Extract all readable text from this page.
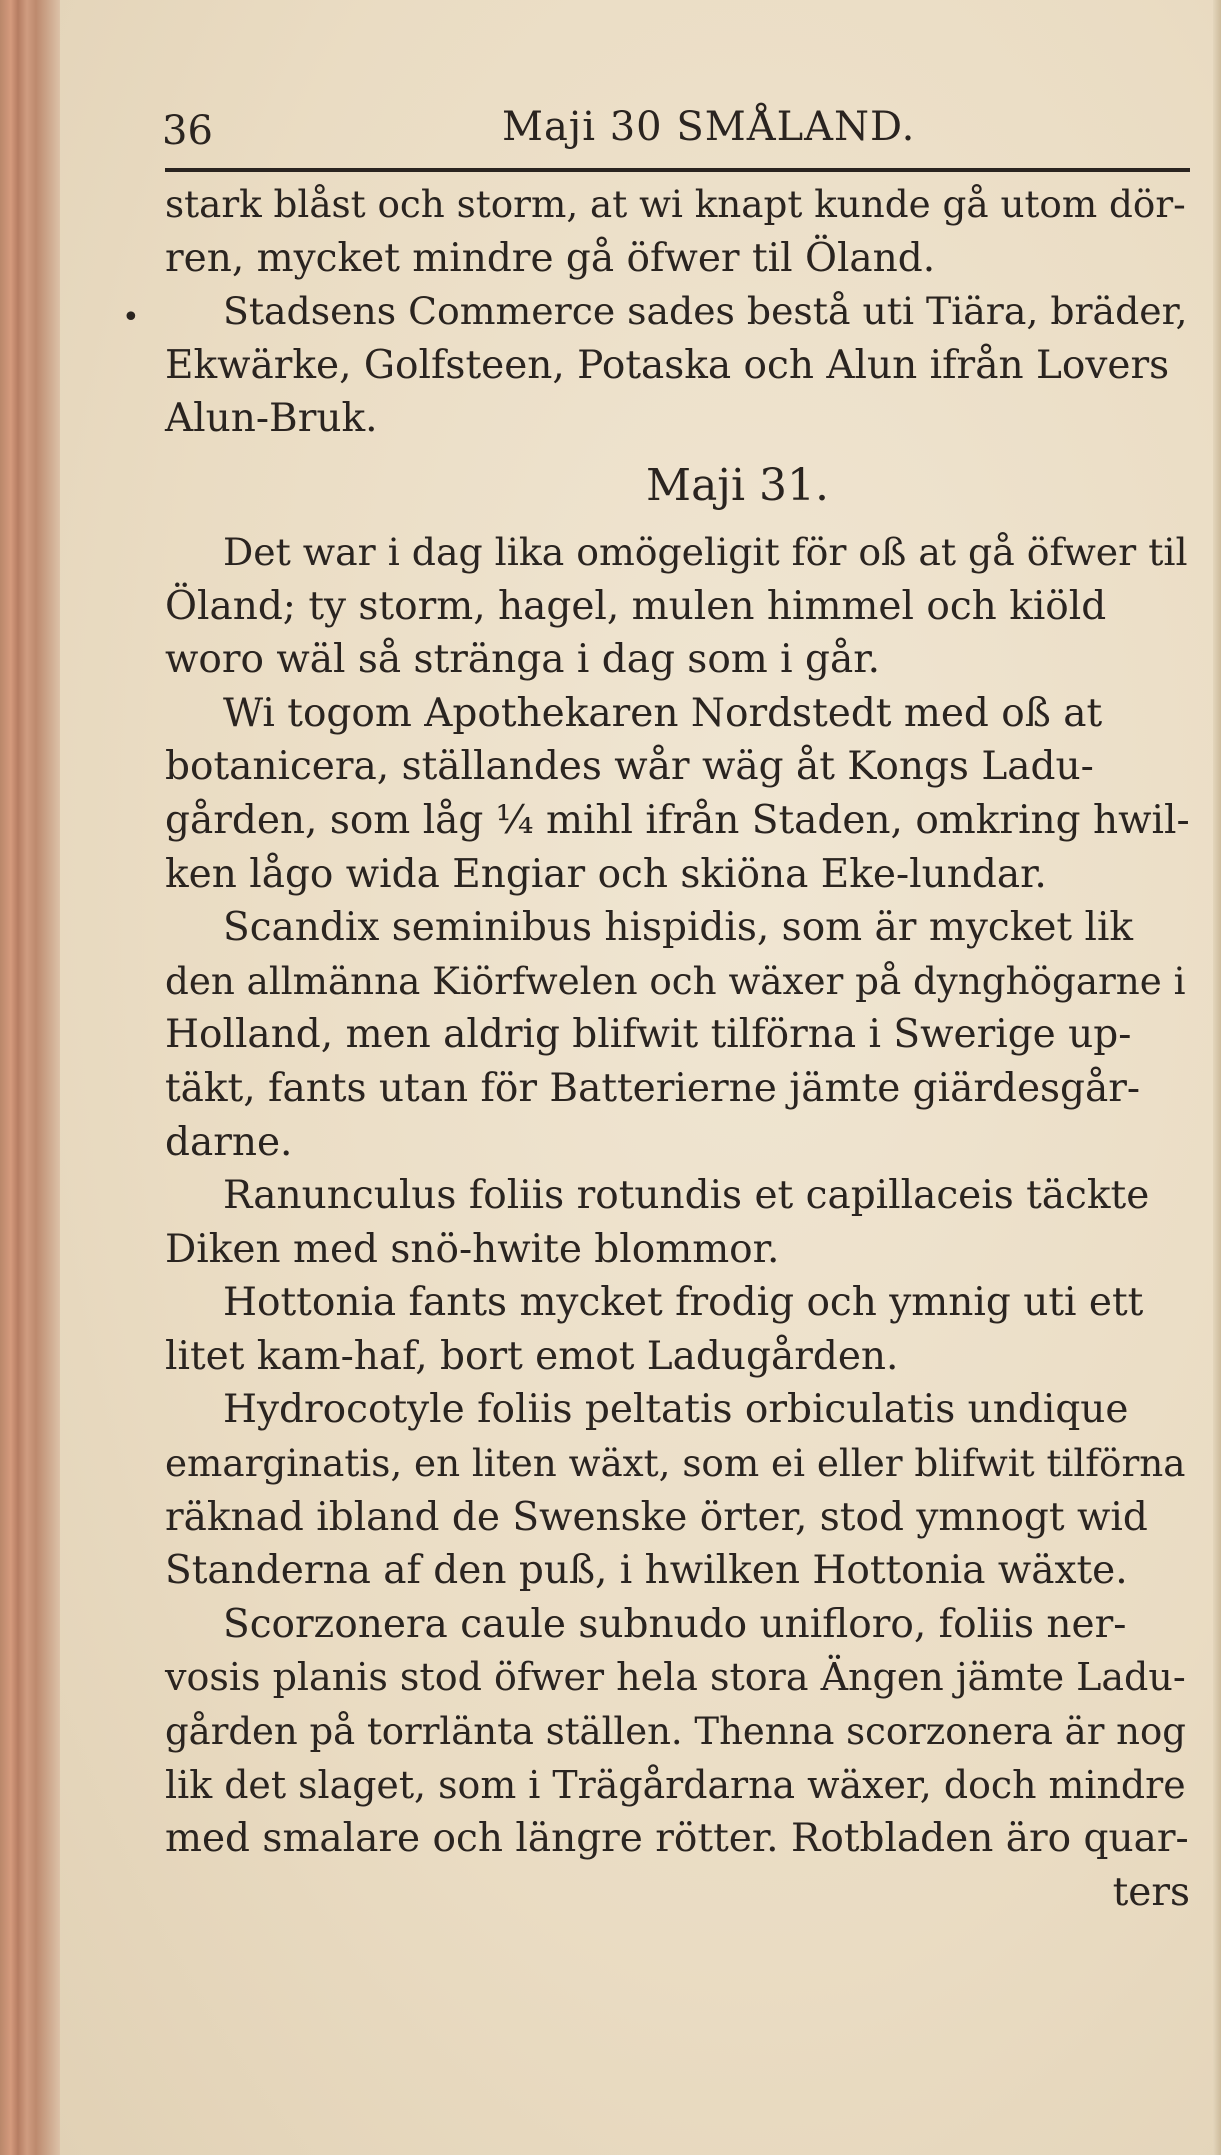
36	Maji 30 SMÅLAND.
•
stark blåst och storm, at wi knapt kunde gå utom dör-
ren, mycket mindre gå öfwer til Öland.
Stadsens Commerce sades bestå uti Tiära, bräder,
Ekwärke, Golfsteen, Potaska och Alun ifrån Lovers
Alun-Bruk.
Maji 31.
Det war i dag lika omögeligit för oß at gå öfwer til
Öland; ty storm, hagel, mulen himmel och kiöld
woro wäl så stränga i dag som i går.
Wi togom Apothekaren Nordstedt med oß at
botanicera, ställandes wår wäg åt Kongs Ladu-
gården, som låg ¼ mihl ifrån Staden, omkring hwil-
ken lågo wida Engiar och skiöna Eke-lundar.
Scandix seminibus hispidis, som är mycket lik
den allmänna Kiörfwelen och wäxer på dynghögarne i
Holland, men aldrig blifwit tilförna i Swerige up-
täkt, fants utan för Batterierne jämte giärdesgår-
darne.
Ranunculus foliis rotundis et capillaceis täckte
Diken med snö-hwite blommor.
Hottonia fants mycket frodig och ymnig uti ett
litet kam-haf, bort emot Ladugården.
Hydrocotyle foliis peltatis orbiculatis undique
emarginatis, en liten wäxt, som ei eller blifwit tilförna
räknad ibland de Swenske örter, stod ymnogt wid
Standerna af den puß, i hwilken Hottonia wäxte.
Scorzonera caule subnudo unifloro, foliis ner-
vosis planis stod öfwer hela stora Ängen jämte Ladu-
gården på torrlänta ställen. Thenna scorzonera är nog
lik det slaget, som i Trägårdarna wäxer, doch mindre
med smalare och längre rötter. Rotbladen äro quar-
ters
